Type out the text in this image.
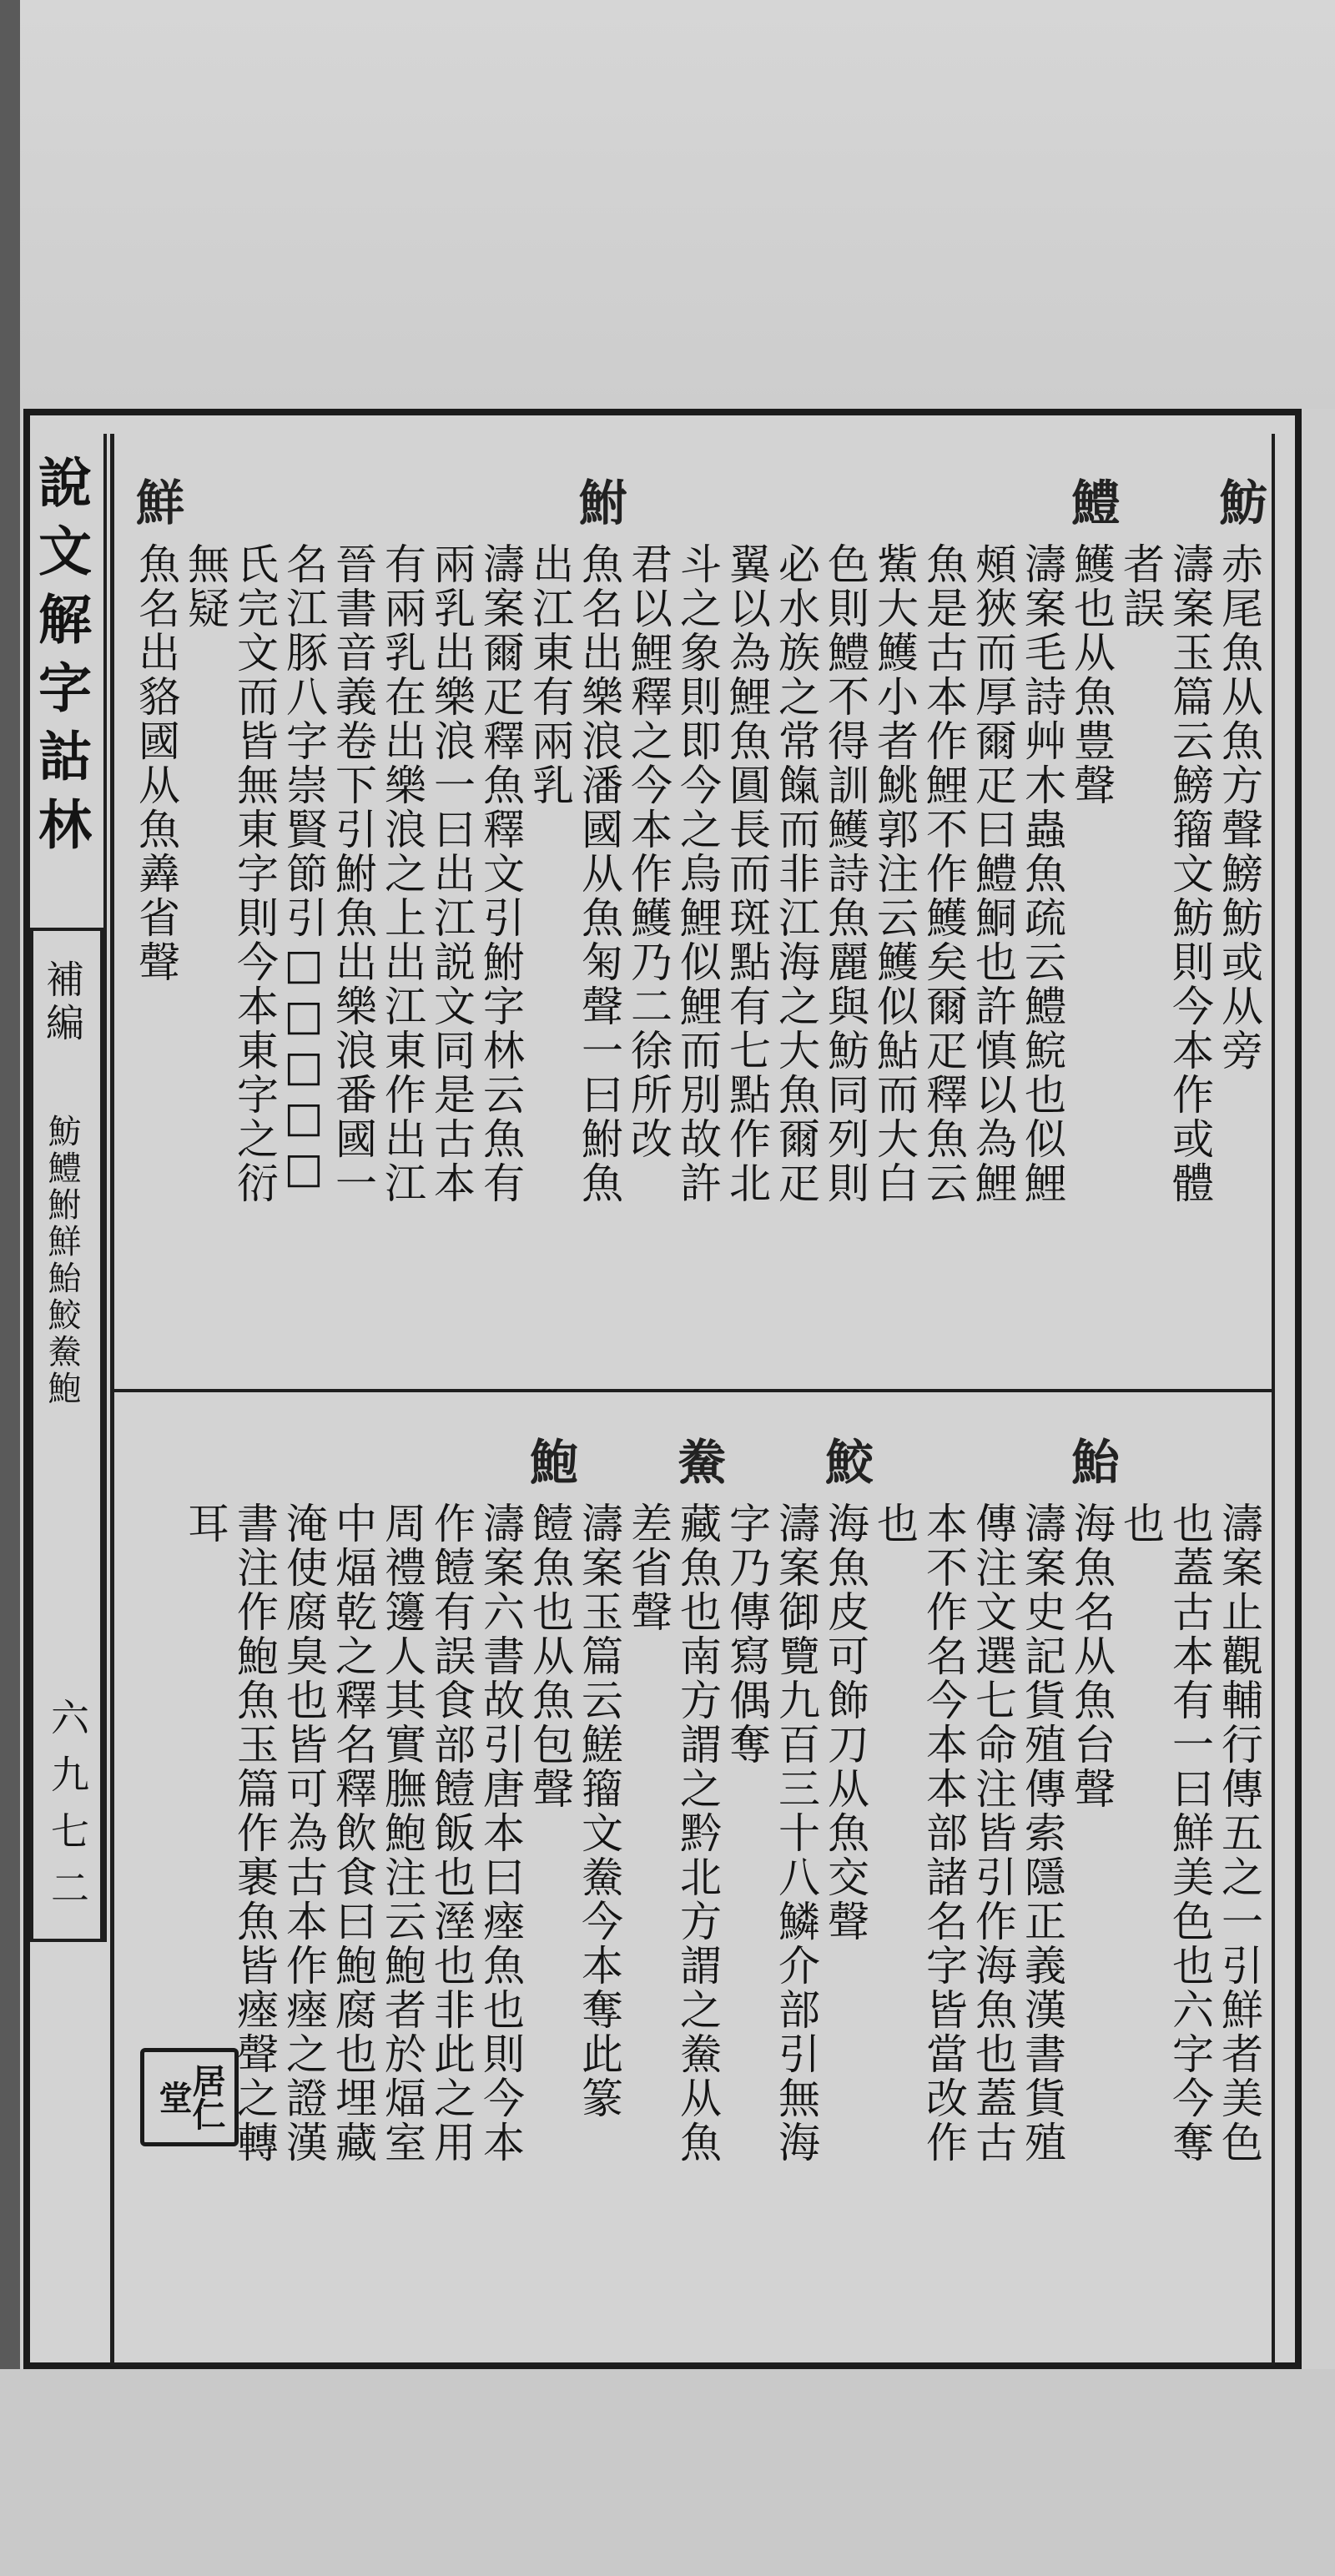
說文解字詁林
補編
魴鱧鮒鮮鮐鮫鮝鮑
六九七二
魴
赤尾魚从魚方聲鰟魴或从旁
濤案玉篇云鰟籀文魴則今本作或體
者誤
鱧
鱯也从魚豊聲
濤案毛詩艸木蟲魚疏云鱧鯇也似鯉
頰狹而厚爾疋曰鱧鮦也許慎以為鯉
魚是古本作鯉不作鱯矣爾疋釋魚云
鮆大鱯小者鮡郭注云鱯似鮎而大白
色則鱧不得訓鱯詩魚麗與魴同列則
必水族之常餼而非江海之大魚爾疋
翼以為鯉魚圓長而斑點有七點作北
斗之象則即今之烏鯉似鯉而別故許
君以鯉釋之今本作鱯乃二徐所改
鮒
魚名出樂浪潘國从魚匊聲一曰鮒魚
出江東有兩乳
濤案爾疋釋魚釋文引鮒字林云魚有
兩乳出樂浪一曰出江説文同是古本
有兩乳在出樂浪之上出江東作出江
晉書音義卷下引鮒魚出樂浪番國一
名江豚八字崇賢節引□□□□□
氏完文而皆無東字則今本東字之衍
無疑
鮮
魚名出貉國从魚羴省聲
濤案止觀輔行傳五之一引鮮者美色
也蓋古本有一曰鮮美色也六字今奪
也
鮐
海魚名从魚台聲
濤案史記貨殖傳索隱正義漢書貨殖
傳注文選七命注皆引作海魚也蓋古
本不作名今本本部諸名字皆當改作
也
鮫
海魚皮可飾刀从魚交聲
濤案御覽九百三十八鱗介部引無海
字乃傳寫偶奪
鮝
藏魚也南方謂之黔北方謂之鮝从魚
差省聲
濤案玉篇云䱹籀文鮝今本奪此篆
鮑
饐魚也从魚包聲
濤案六書故引唐本曰瘞魚也則今本
作饐有誤食部饐飯也溼也非此之用
周禮籩人其實膴鮑注云鮑者於煏室
中煏乾之釋名釋飲食曰鮑腐也埋藏
淹使腐臭也皆可為古本作瘞之證漢
書注作鮑魚玉篇作裹魚皆瘞聲之轉
耳
居仁堂
